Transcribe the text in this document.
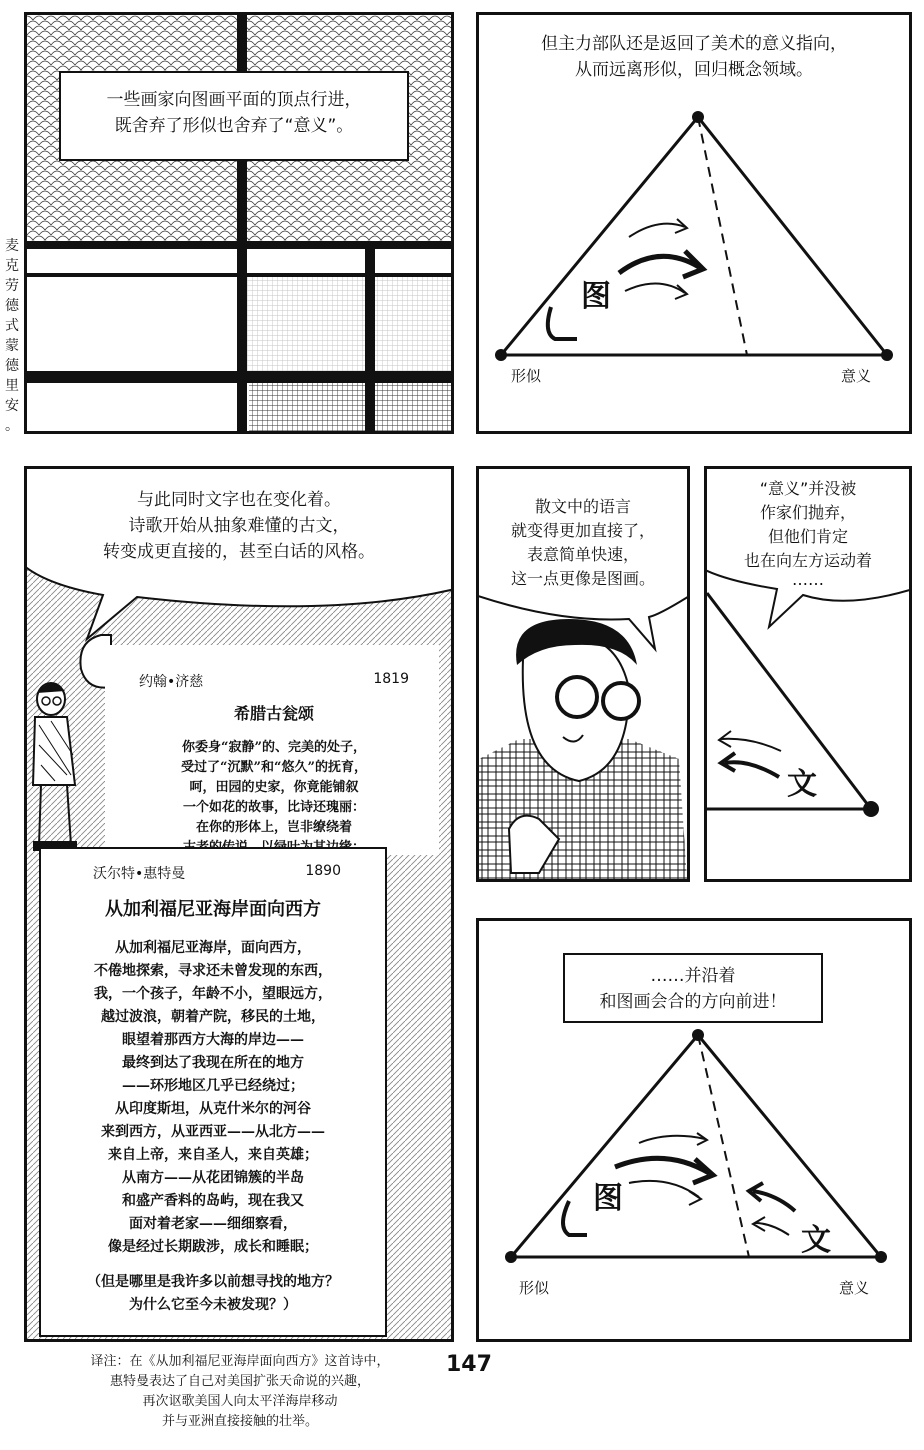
麦
克
劳
德
式
蒙
德
里
安
。
一些画家向图画平面的顶点行进，
既舍弃了形似也舍弃了“意义”。
但主力部队还是返回了美术的意义指向，
从而远离形似，回归概念领域。
图
形似	意义
与此同时文字也在变化着。
诗歌开始从抽象难懂的古文，
转变成更直接的，甚至白话的风格。
约翰•济慈	1819
希腊古瓮颂
你委身“寂静”的、完美的处子，
受过了“沉默”和“悠久”的抚育，
呵，田园的史家，你竟能铺叙
一个如花的故事，比诗还瑰丽：
在你的形体上，岂非缭绕着
沃尔特•惠特曼	1890
从加利福尼亚海岸面向西方
从加利福尼亚海岸，面向西方，
不倦地探索，寻求还未曾发现的东西，
我，一个孩子，年龄不小，望眼远方，
越过波浪，朝着产院，移民的土地，
眼望着那西方大海的岸边——
最终到达了我现在所在的地方
——环形地区几乎已经绕过；
从印度斯坦，从克什米尔的河谷
来到西方，从亚西亚——从北方——
来自上帝，来自圣人，来自英雄；
从南方——从花团锦簇的半岛
和盛产香料的岛屿，现在我又
面对着老家——细细察看，
像是经过长期跋涉，成长和睡眠；
（但是哪里是我许多以前想寻找的地方？
为什么它至今未被发现？）
散文中的语言
就变得更加直接了，
表意简单快速，
这一点更像是图画。
“意义”并没被
作家们抛弃，
但他们肯定
也在向左方运动着
……
文
……并沿着
和图画会合的方向前进！
图
文
形似	意义
译注：在《从加利福尼亚海岸面向西方》这首诗中，
惠特曼表达了自己对美国扩张天命说的兴趣，
再次讴歌美国人向太平洋海岸移动
并与亚洲直接接触的壮举。
147
